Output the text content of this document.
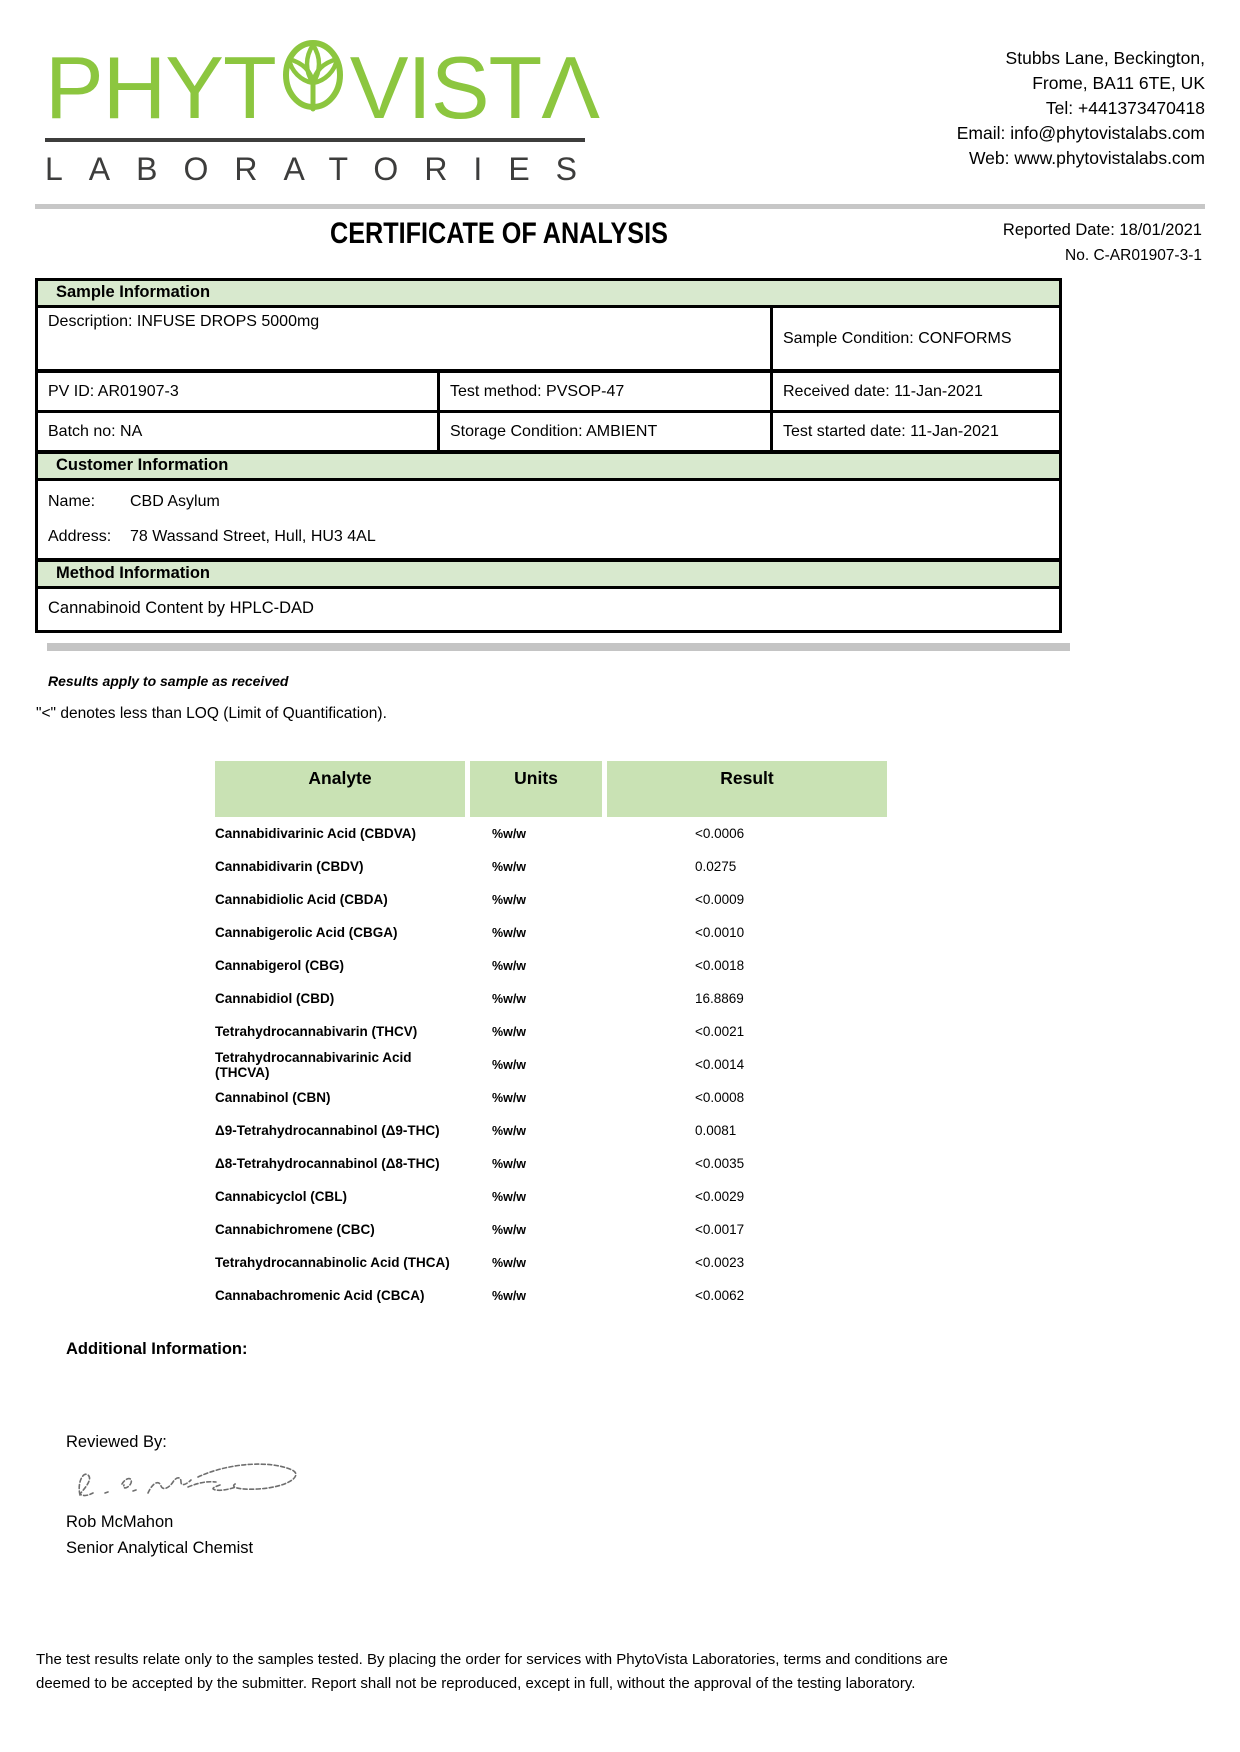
PHYT VIST Λ
LABORATORIES
Stubbs Lane, Beckington,
Frome, BA11 6TE, UK
Tel: +441373470418
Email: info@phytovistalabs.com
Web: www.phytovistalabs.com
Reported Date: 18/01/2021
No. C-AR01907-3-1
CERTIFICATE OF ANALYSIS
Sample Information
Description: INFUSE DROPS 5000mg
Sample Condition: CONFORMS
PV ID: AR01907-3	Test method: PVSOP-47	Received date: 11-Jan-2021
Batch no: NA	Storage Condition: AMBIENT	Test started date: 11-Jan-2021
Customer Information
Name: CBD Asylum
Address: 78 Wassand Street, Hull, HU3 4AL
Method Information
Cannabinoid Content by HPLC-DAD
Results apply to sample as received
"<" denotes less than LOQ (Limit of Quantification).
Analyte	Units	Result
Cannabidivarinic Acid (CBDVA)	%w/w	<0.0006
Cannabidivarin (CBDV)	%w/w	0.0275
Cannabidiolic Acid (CBDA)	%w/w	<0.0009
Cannabigerolic Acid (CBGA)	%w/w	<0.0010
Cannabigerol (CBG)	%w/w	<0.0018
Cannabidiol (CBD)	%w/w	16.8869
Tetrahydrocannabivarin (THCV)	%w/w	<0.0021
Tetrahydrocannabivarinic Acid (THCVA)	%w/w	<0.0014
Cannabinol (CBN)	%w/w	<0.0008
Δ9-Tetrahydrocannabinol (Δ9-THC)	%w/w	0.0081
Δ8-Tetrahydrocannabinol (Δ8-THC)	%w/w	<0.0035
Cannabicyclol (CBL)	%w/w	<0.0029
Cannabichromene (CBC)	%w/w	<0.0017
Tetrahydrocannabinolic Acid (THCA)	%w/w	<0.0023
Cannabachromenic Acid (CBCA)	%w/w	<0.0062
Additional Information:
Reviewed By:
Rob McMahon
Senior Analytical Chemist
The test results relate only to the samples tested. By placing the order for services with PhytoVista Laboratories, terms and conditions are
deemed to be accepted by the submitter. Report shall not be reproduced, except in full, without the approval of the testing laboratory.
